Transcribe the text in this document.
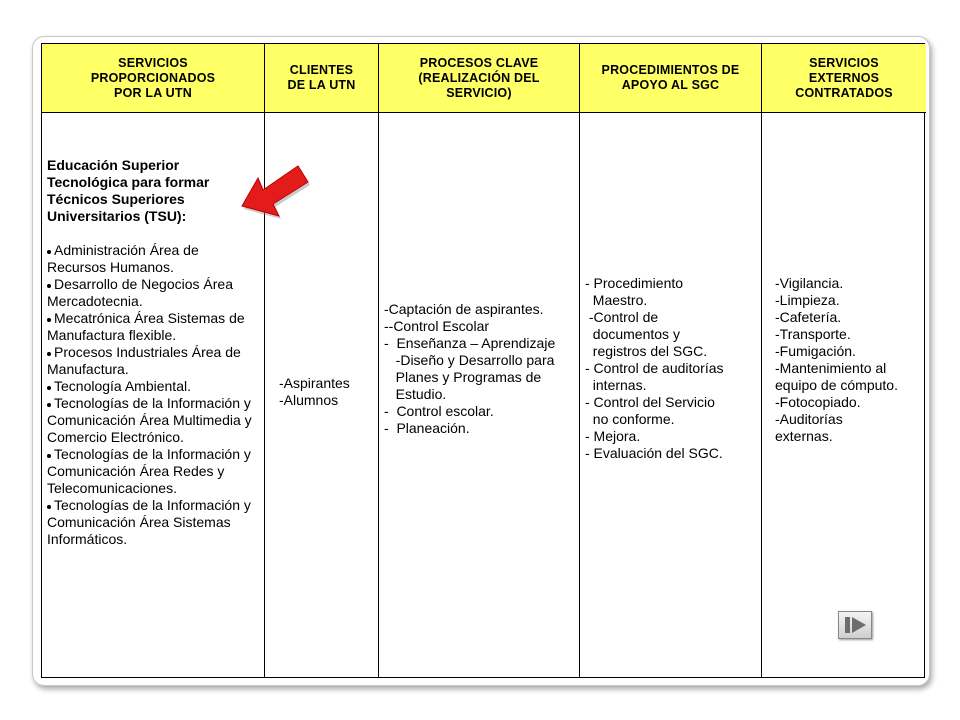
SERVICIOS
PROPORCIONADOS
POR LA UTN
Educación Superior
Tecnológica para formar
Técnicos Superiores
Universitarios (TSU):
Administración Área de Recursos Humanos.
Desarrollo de Negocios Área Mercadotecnia.
Mecatrónica Área Sistemas de Manufactura flexible.
Procesos Industriales Área de Manufactura.
Tecnología Ambiental.
Tecnologías de la Información y Comunicación Área Multimedia y Comercio Electrónico.
Tecnologías de la Información y Comunicación Área Redes y Telecomunicaciones.
Tecnologías de la Información y Comunicación Área Sistemas Informáticos.
CLIENTES
DE LA UTN
-Aspirantes
-Alumnos
PROCESOS CLAVE
(REALIZACIÓN DEL
SERVICIO)
-Captación de aspirantes.
--Control Escolar
-  Enseñanza – Aprendizaje
-Diseño y Desarrollo para
Planes y Programas de
Estudio.
-  Control escolar.
-  Planeación.
PROCEDIMIENTOS DE
APOYO AL SGC
- Procedimiento
Maestro.
-Control de
documentos y
registros del SGC.
- Control de auditorías
internas.
- Control del Servicio
no conforme.
- Mejora.
- Evaluación del SGC.
SERVICIOS
EXTERNOS
CONTRATADOS
-Vigilancia.
-Limpieza.
-Cafetería.
-Transporte.
-Fumigación.
-Mantenimiento al
equipo de cómputo.
-Fotocopiado.
-Auditorías
externas.
